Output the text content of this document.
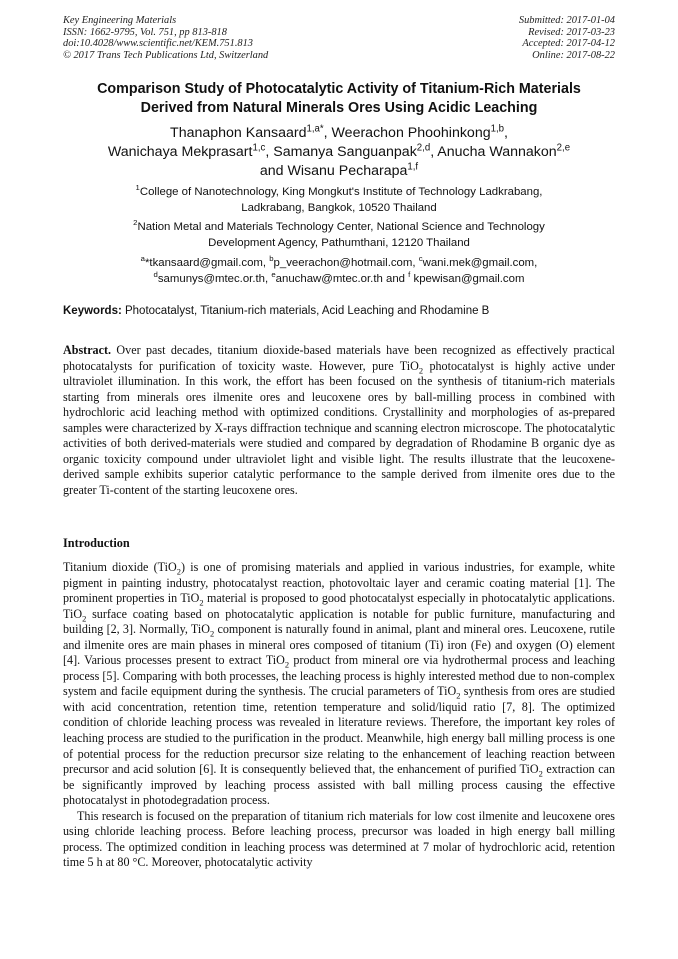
Key Engineering Materials
ISSN: 1662-9795, Vol. 751, pp 813-818
doi:10.4028/www.scientific.net/KEM.751.813
© 2017 Trans Tech Publications Ltd, Switzerland
Submitted: 2017-01-04
Revised: 2017-03-23
Accepted: 2017-04-12
Online: 2017-08-22
Comparison Study of Photocatalytic Activity of Titanium-Rich Materials
Derived from Natural Minerals Ores Using Acidic Leaching
Thanaphon Kansaard$^{1,a*}$, Weerachon Phoohinkong$^{1,b}$,
Wanichaya Mekprasart$^{1,c}$, Samanya Sanguanpak$^{2,d}$, Anucha Wannakon$^{2,e}$
and Wisanu Pecharapa$^{1,f}$
$^1$College of Nanotechnology, King Mongkut's Institute of Technology Ladkrabang,
Ladkrabang, Bangkok, 10520 Thailand
$^2$Nation Metal and Materials Technology Center, National Science and Technology
Development Agency, Pathumthani, 12120 Thailand
$^a$*tkansaard@gmail.com, $^b$p_veerachon@hotmail.com, $^c$wani.mek@gmail.com,
$^d$samunys@mtec.or.th, $^e$anuchaw@mtec.or.th and $^f$ kpewisan@gmail.com
Keywords: Photocatalyst, Titanium-rich materials, Acid Leaching and Rhodamine B

Abstract. Over past decades, titanium dioxide-based materials have been recognized as effectively practical photocatalysts for purification of toxicity waste. However, pure TiO$_2$ photocatalyst is highly active under ultraviolet illumination. In this work, the effort has been focused on the synthesis of titanium-rich materials starting from minerals ores ilmenite ores and leucoxene ores by ball-milling process in combined with hydrochloric acid leaching method with optimized conditions. Crystallinity and morphologies of as-prepared samples were characterized by X-rays diffraction technique and scanning electron microscope. The photocatalytic activities of both derived-materials were studied and compared by degradation of Rhodamine B organic dye as organic toxicity compound under ultraviolet light and visible light. The results illustrate that the leucoxene-derived sample exhibits superior catalytic performance to the sample derived from ilmenite ores due to the greater Ti-content of the starting leucoxene ores.

Introduction

Titanium dioxide (TiO$_2$) is one of promising materials and applied in various industries, for example, white pigment in painting industry, photocatalyst reaction, photovoltaic layer and ceramic coating material [1]. The prominent properties in TiO$_2$ material is proposed to good photocatalyst especially in photocatalytic applications. TiO$_2$ surface coating based on photocatalytic application is notable for public furniture, manufacturing and building [2, 3]. Normally, TiO$_2$ component is naturally found in animal, plant and mineral ores. Leucoxene, rutile and ilmenite ores are main phases in mineral ores composed of titanium (Ti) iron (Fe) and oxygen (O) element [4]. Various processes present to extract TiO$_2$ product from mineral ore via hydrothermal process and leaching process [5]. Comparing with both processes, the leaching process is highly interested method due to non-complex system and facile equipment during the synthesis. The crucial parameters of TiO$_2$ synthesis from ores are studied with acid concentration, retention time, retention temperature and solid/liquid ratio [7, 8]. The optimized condition of chloride leaching process was revealed in literature reviews. Therefore, the important key roles of leaching process are studied to the purification in the product. Meanwhile, high energy ball milling process is one of potential process for the reduction precursor size relating to the enhancement of leaching reaction between precursor and acid solution [6]. It is consequently believed that, the enhancement of purified TiO$_2$ extraction can be significantly improved by leaching process assisted with ball milling process causing the effective photocatalyst in photodegradation process.

This research is focused on the preparation of titanium rich materials for low cost ilmenite and leucoxene ores using chloride leaching process. Before leaching process, precursor was loaded in high energy ball milling process. The optimized condition in leaching process was determined at 7 molar of hydrochloric acid, retention time 5 h at 80 °C. Moreover, photocatalytic activity
